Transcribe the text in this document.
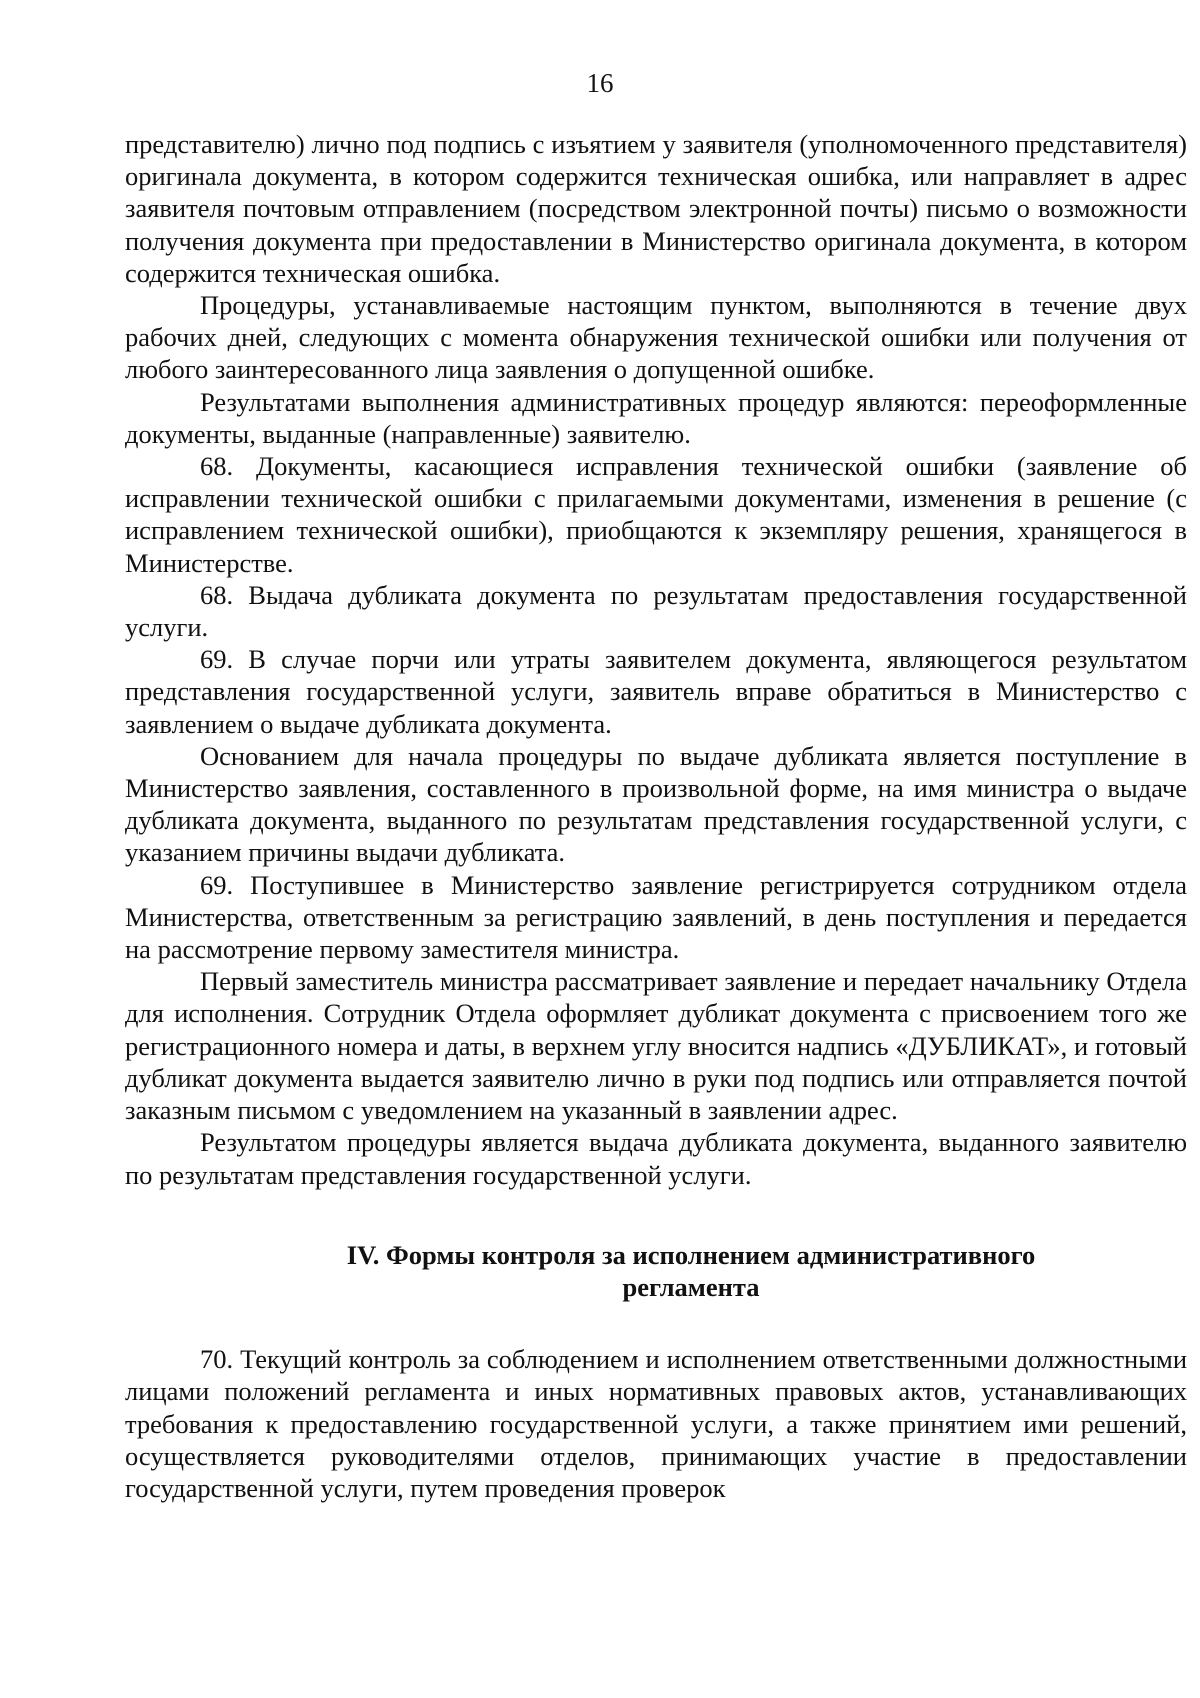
16

представителю) лично под подпись с изъятием у заявителя (уполномоченного представителя) оригинала документа, в котором содержится техническая ошибка, или направляет в адрес заявителя почтовым отправлением (посредством электронной почты) письмо о возможности получения документа при предоставлении в Министерство оригинала документа, в котором содержится техническая ошибка.

Процедуры, устанавливаемые настоящим пунктом, выполняются в течение двух рабочих дней, следующих с момента обнаружения технической ошибки или получения от любого заинтересованного лица заявления о допущенной ошибке.

Результатами выполнения административных процедур являются: переоформленные документы, выданные (направленные) заявителю.

68. Документы, касающиеся исправления технической ошибки (заявление об исправлении технической ошибки с прилагаемыми документами, изменения в решение (с исправлением технической ошибки), приобщаются к экземпляру решения, хранящегося в Министерстве.

68. Выдача дубликата документа по результатам предоставления государственной услуги.

69. В случае порчи или утраты заявителем документа, являющегося результатом представления государственной услуги, заявитель вправе обратиться в Министерство с заявлением о выдаче дубликата документа.

Основанием для начала процедуры по выдаче дубликата является поступление в Министерство заявления, составленного в произвольной форме, на имя министра о выдаче дубликата документа, выданного по результатам представления государственной услуги, с указанием причины выдачи дубликата.

69. Поступившее в Министерство заявление регистрируется сотрудником отдела Министерства, ответственным за регистрацию заявлений, в день поступления и передается на рассмотрение первому заместителя министра.

Первый заместитель министра рассматривает заявление и передает начальнику Отдела для исполнения. Сотрудник Отдела оформляет дубликат документа с присвоением того же регистрационного номера и даты, в верхнем углу вносится надпись «ДУБЛИКАТ», и готовый дубликат документа выдается заявителю лично в руки под подпись или отправляется почтой заказным письмом с уведомлением на указанный в заявлении адрес.

Результатом процедуры является выдача дубликата документа, выданного заявителю по результатам представления государственной услуги.

IV. Формы контроля за исполнением административного
регламента

70. Текущий контроль за соблюдением и исполнением ответственными должностными лицами положений регламента и иных нормативных правовых актов, устанавливающих требования к предоставлению государственной услуги, а также принятием ими решений, осуществляется руководителями отделов, принимающих участие в предоставлении государственной услуги, путем проведения проверок
